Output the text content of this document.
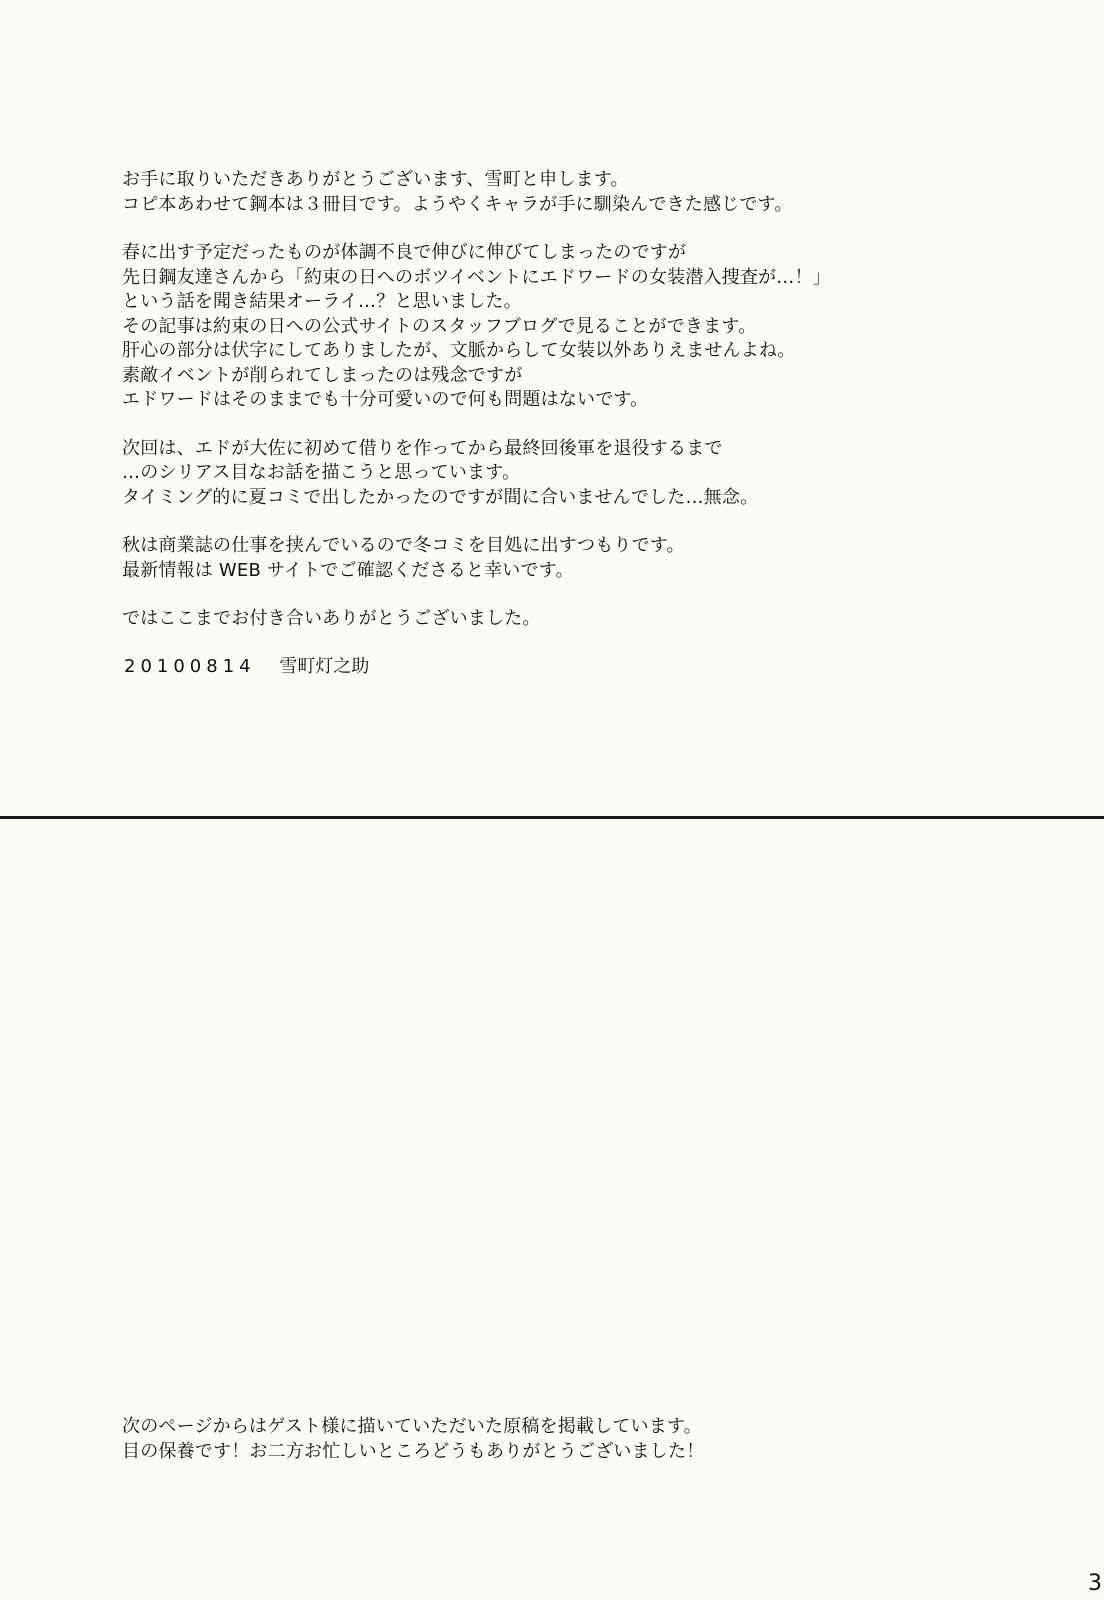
お手に取りいただきありがとうございます、雪町と申します。
コピ本あわせて鋼本は３冊目です。ようやくキャラが手に馴染んできた感じです。

春に出す予定だったものが体調不良で伸びに伸びてしまったのですが
先日鋼友達さんから「約束の日へのボツイベントにエドワードの女装潜入捜査が…！」
という話を聞き結果オーライ…？と思いました。
その記事は約束の日への公式サイトのスタッフブログで見ることができます。
肝心の部分は伏字にしてありましたが、文脈からして女装以外ありえませんよね。
素敵イベントが削られてしまったのは残念ですが
エドワードはそのままでも十分可愛いので何も問題はないです。

次回は、エドが大佐に初めて借りを作ってから最終回後軍を退役するまで
…のシリアス目なお話を描こうと思っています。
タイミング的に夏コミで出したかったのですが間に合いませんでした…無念。

秋は商業誌の仕事を挟んでいるので冬コミを目処に出すつもりです。
最新情報は WEB サイトでご確認くださると幸いです。

ではここまでお付き合いありがとうございました。

20100814 雪町灯之助
次のページからはゲスト様に描いていただいた原稿を掲載しています。
目の保養です！お二方お忙しいところどうもありがとうございました！
3
